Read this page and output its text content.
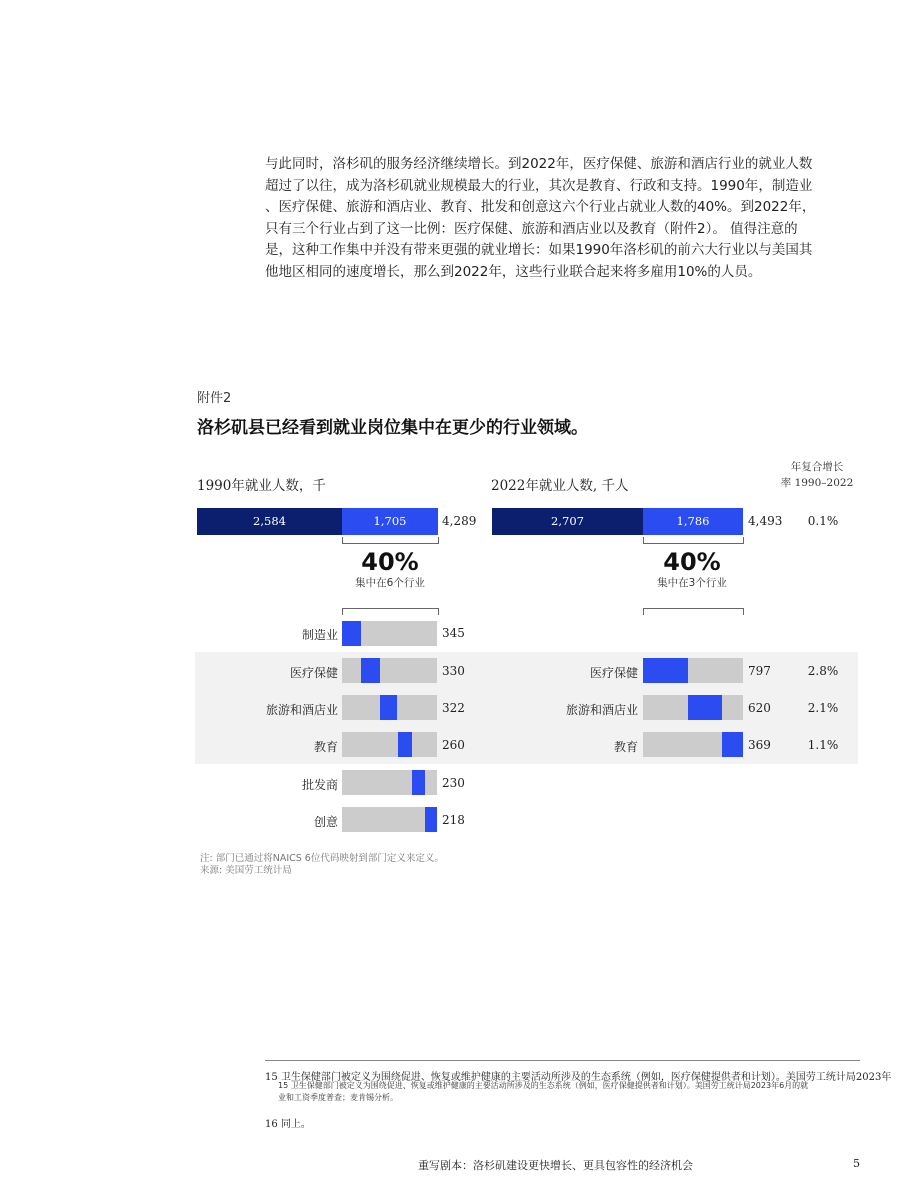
与此同时，洛杉矶的服务经济继续增长。到2022年，医疗保健、旅游和酒店行业的就业人数

超过了以往，成为洛杉矶就业规模最大的行业，其次是教育、行政和支持。1990年，制造业

、医疗保健、旅游和酒店业、教育、批发和创意这六个行业占就业人数的40%。到2022年，

只有三个行业占到了这一比例：医疗保健、旅游和酒店业以及教育（附件2）。 值得注意的

是，这种工作集中并没有带来更强的就业增长：如果1990年洛杉矶的前六大行业以与美国其

他地区相同的速度增长，那么到2022年，这些行业联合起来将多雇用10%的人员。

附件2
洛杉矶县已经看到就业岗位集中在更少的行业领域。
1990年就业人数，千	2022年就业人数, 千人
年复合增长
率 1990–2022
2,584	1,705	4,289	2,707	1,786	4,493	0.1%
40%
集中在6个行业
40%
集中在3个行业
制造业	345
医疗保健	330
旅游和酒店业	322
教育	260
批发商	230
创意	218
医疗保健	797	2.8%
旅游和酒店业	620	2.1%
教育	369	1.1%
注: 部门已通过将NAICS 6位代码映射到部门定义来定义。
来源: 美国劳工统计局
15 卫生保健部门被定义为围绕促进、恢复或维护健康的主要活动所涉及的生态系统（例如，医疗保健提供者和计划）。美国劳工统计局2023年
15 卫生保健部门被定义为围绕促进、恢复或维护健康的主要活动所涉及的生态系统（例如，医疗保健提供者和计划）。美国劳工统计局2023年6月的就
业和工资季度普查；麦肯锡分析。
16 同上。
重写剧本：洛杉矶建设更快增长、更具包容性的经济机会	5
